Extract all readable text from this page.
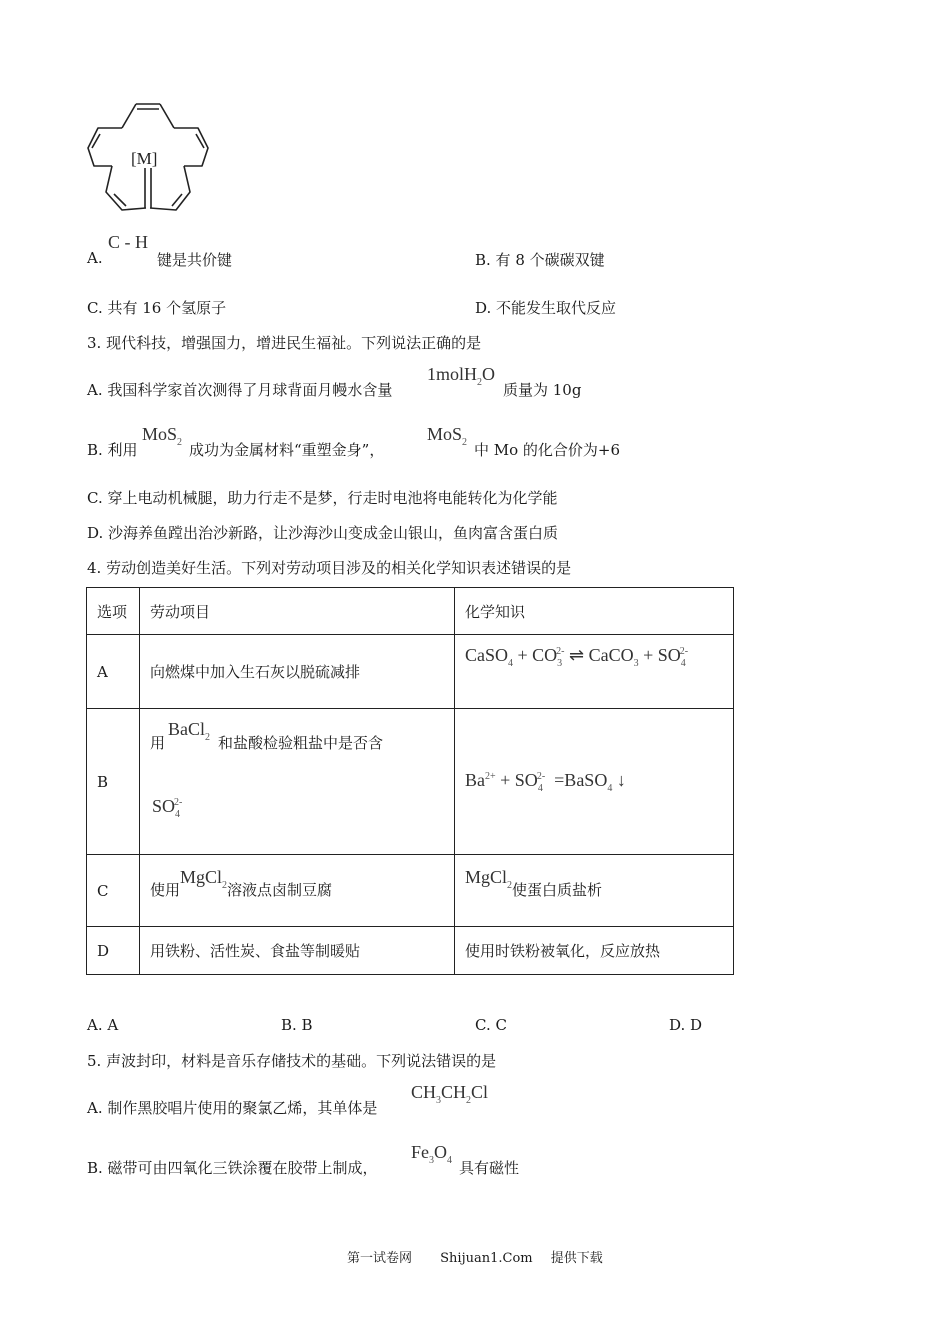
[M]
A.
C - H
键是共价键	B. 有 8 个碳碳双键
C. 共有 16 个氢原子	D. 不能发生取代反应
3. 现代科技，增强国力，增进民生福祉。下列说法正确的是
A. 我国科学家首次测得了月球背面月幔水含量
1molH$_2$O
质量为 10g
B. 利用
MoS$_2$ 成功为金属材料“重塑金身”，
MoS$_2$ 中 Mo 的化合价为+6
C. 穿上电动机械腿，助力行走不是梦，行走时电池将电能转化为化学能
D. 沙海养鱼蹚出治沙新路，让沙海沙山变成金山银山，鱼肉富含蛋白质
4. 劳动创造美好生活。下列对劳动项目涉及的相关化学知识表述错误的是
选项	劳动项目	化学知识
A	向燃煤中加入生石灰以脱硫减排	CaSO$_4$ + $CO_3^{2-}$ ⇌ CaCO$_3$ + $SO_4^{2-}$
B	用
BaCl$_2$ 和盐酸检验粗盐中是否含
$SO_4^{2-}$	$Ba^{2+} + SO_4^{2-}$  =BaSO$_4$ ↓
C	使用MgCl$_2$溶液点卤制豆腐	MgCl$_2$使蛋白质盐析
D	用铁粉、活性炭、食盐等制暖贴	使用时铁粉被氧化，反应放热
A. A	B. B	C. C	D. D
5. 声波封印，材料是音乐存储技术的基础。下列说法错误的是
A. 制作黑胶唱片使用的聚氯乙烯，其单体是
$CH_3CH_2Cl$
B. 磁带可由四氧化三铁涂覆在胶带上制成，
$Fe_3O_4$ 具有磁性
第一试卷网 Shijuan1.Com 提供下载
